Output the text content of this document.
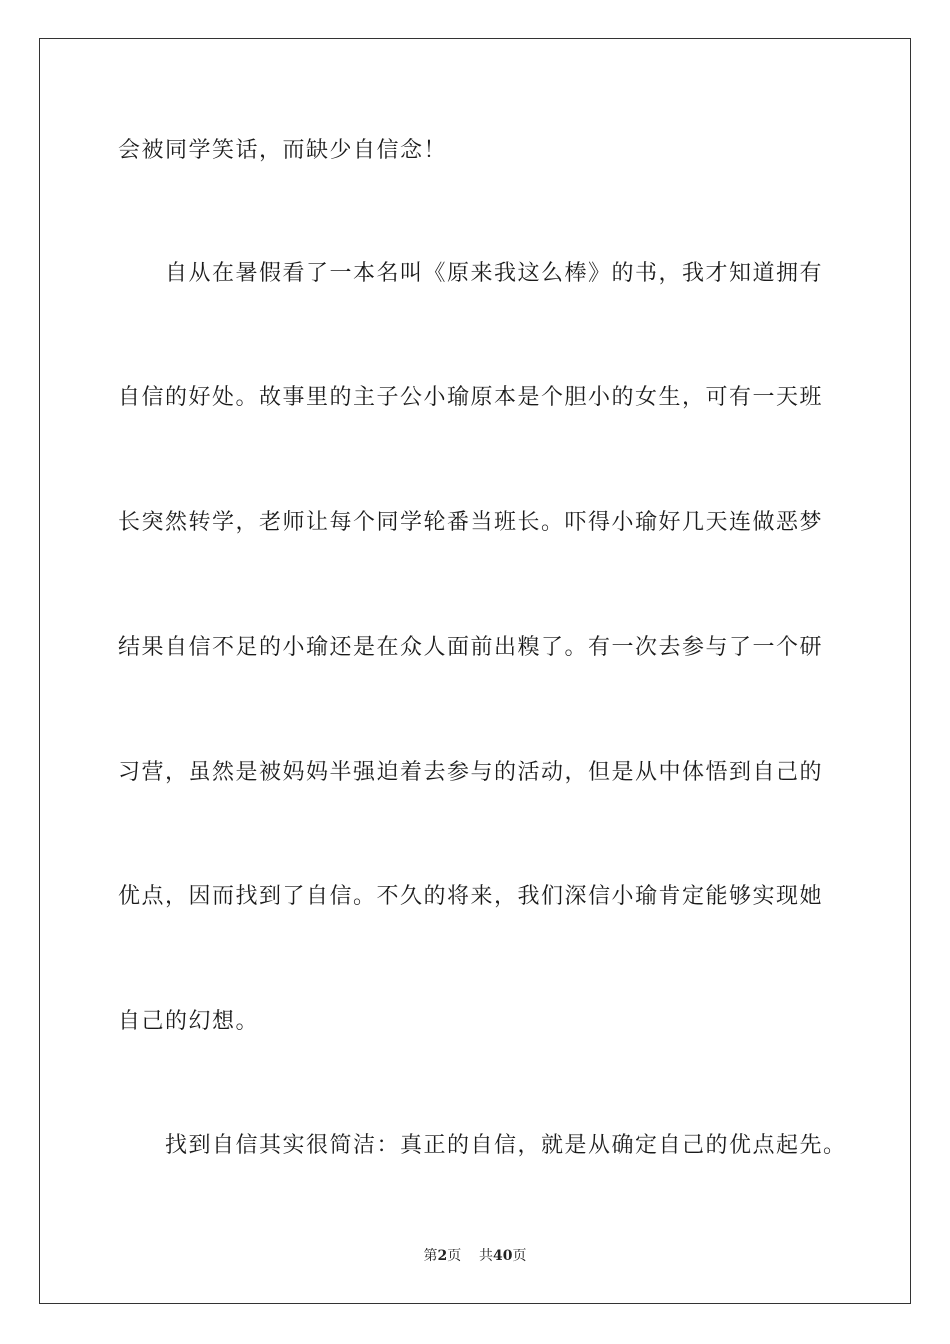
会被同学笑话，而缺少自信念！
自从在暑假看了一本名叫《原来我这么棒》的书，我才知道拥有
自信的好处。故事里的主子公小瑜原本是个胆小的女生，可有一天班
长突然转学，老师让每个同学轮番当班长。吓得小瑜好几天连做恶梦
结果自信不足的小瑜还是在众人面前出糗了。有一次去参与了一个研
习营，虽然是被妈妈半强迫着去参与的活动，但是从中体悟到自己的
优点，因而找到了自信。不久的将来，我们深信小瑜肯定能够实现她
自己的幻想。
找到自信其实很简洁：真正的自信，就是从确定自己的优点起先。
第2页 共40页
